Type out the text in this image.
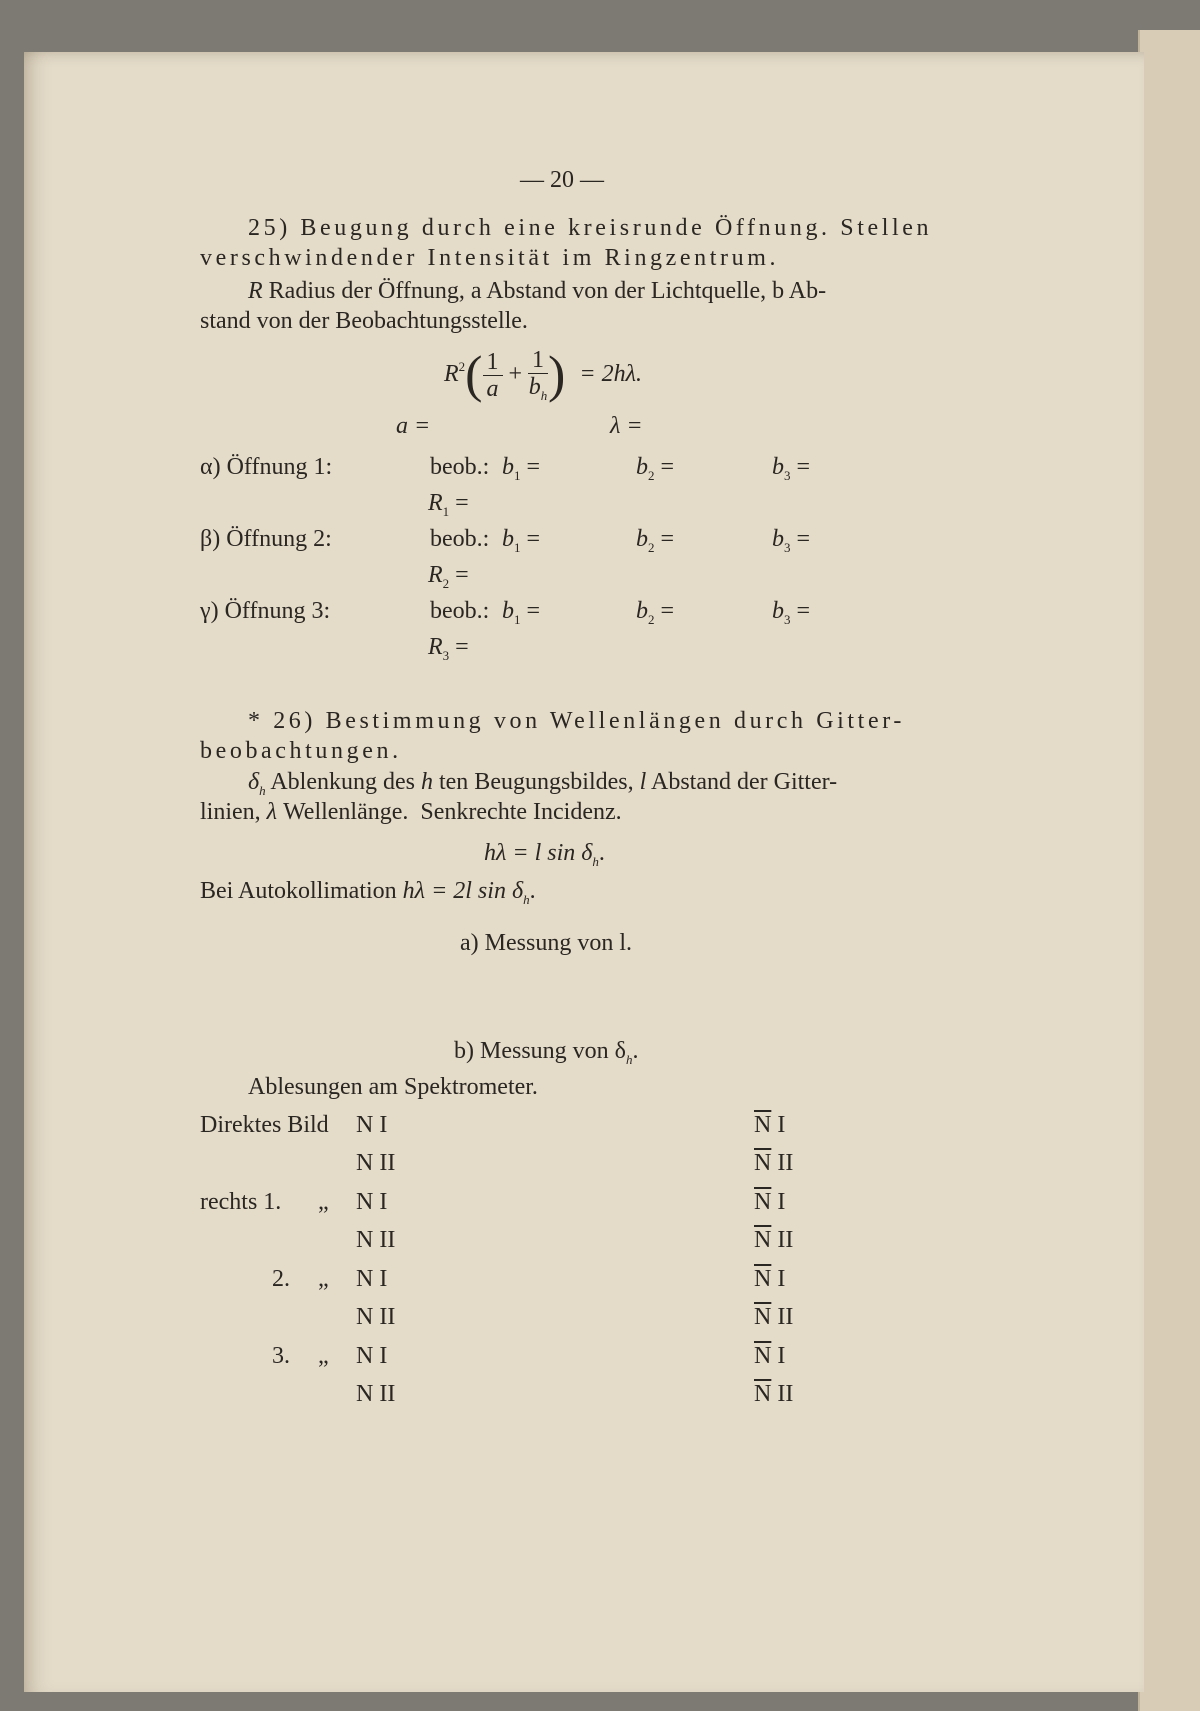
— 20 —
25) Beugung durch eine kreisrunde Öffnung. Stellen
verschwindender Intensität im Ringzentrum.
R Radius der Öffnung, a Abstand von der Lichtquelle, b Ab-
stand von der Beobachtungsstelle.
$R^2( \frac{1}{a} + \frac{1}{b_h}$ ) = 2hλ.
a =	λ =
α) Öffnung 1:	beob.: $b_1$ =	$b_2$ =	$b_3$ =
$R_1$ =
β) Öffnung 2:	beob.: $b_1$ =	$b_2$ =	$b_3$ =
$R_2$ =
γ) Öffnung 3:	beob.: $b_1$ =	$b_2$ =	$b_3$ =
$R_3$ =
* 26) Bestimmung von Wellenlängen durch Gitter-
beobachtungen.
$\delta_h$ Ablenkung des h ten Beugungsbildes, l Abstand der Gitter-
linien, λ Wellenlänge.  Senkrechte Incidenz.
hλ = l $\sin \delta_h$.
Bei Autokollimation hλ = 2l $\sin \delta_h$.
a) Messung von l.
b) Messung von $\delta_h$.
Ablesungen am Spektrometer.
Direktes Bild N I	$\overline{N}$ I
N II	$\overline{N}$ II
rechts 1. „ N I	$\overline{N}$ I
N II	$\overline{N}$ II
2. „ N I	$\overline{N}$ I
N II	$\overline{N}$ II
3. „ N I	$\overline{N}$ I
N II	$\overline{N}$ II
